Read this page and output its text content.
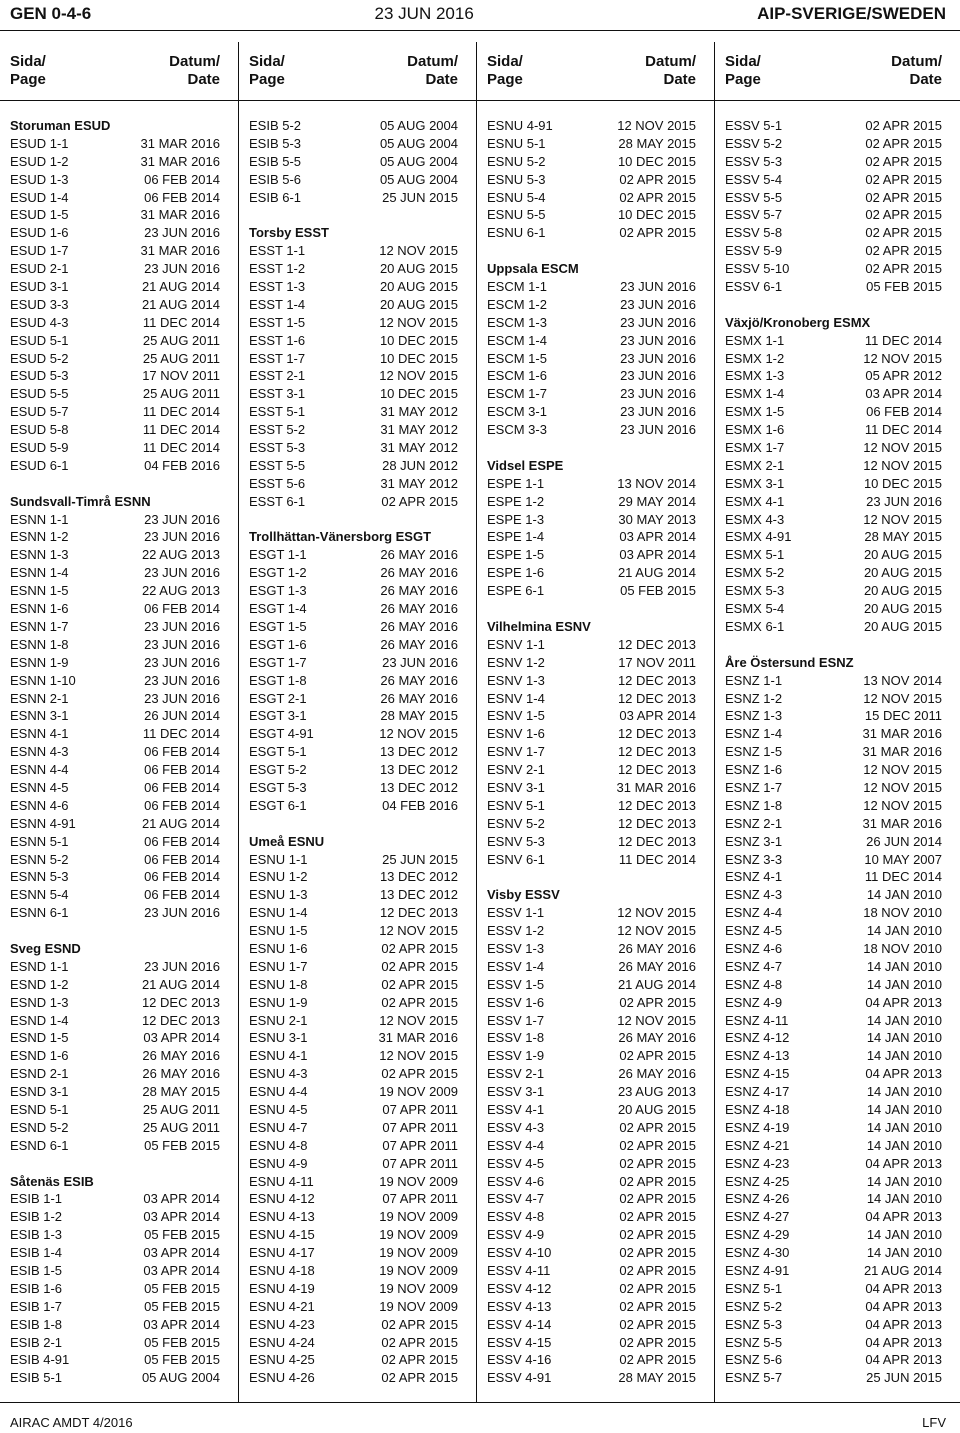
GEN 0-4-6	23 JUN 2016	AIP-SVERIGE/SWEDEN
Sida/
Page
Datum/
Date
Storuman ESUD
ESUD 1-1	31 MAR 2016
ESUD 1-2	31 MAR 2016
ESUD 1-3	06 FEB 2014
ESUD 1-4	06 FEB 2014
ESUD 1-5	31 MAR 2016
ESUD 1-6	23 JUN 2016
ESUD 1-7	31 MAR 2016
ESUD 2-1	23 JUN 2016
ESUD 3-1	21 AUG 2014
ESUD 3-3	21 AUG 2014
ESUD 4-3	11 DEC 2014
ESUD 5-1	25 AUG 2011
ESUD 5-2	25 AUG 2011
ESUD 5-3	17 NOV 2011
ESUD 5-5	25 AUG 2011
ESUD 5-7	11 DEC 2014
ESUD 5-8	11 DEC 2014
ESUD 5-9	11 DEC 2014
ESUD 6-1	04 FEB 2016
Sundsvall-Timrå ESNN
ESNN 1-1	23 JUN 2016
ESNN 1-2	23 JUN 2016
ESNN 1-3	22 AUG 2013
ESNN 1-4	23 JUN 2016
ESNN 1-5	22 AUG 2013
ESNN 1-6	06 FEB 2014
ESNN 1-7	23 JUN 2016
ESNN 1-8	23 JUN 2016
ESNN 1-9	23 JUN 2016
ESNN 1-10	23 JUN 2016
ESNN 2-1	23 JUN 2016
ESNN 3-1	26 JUN 2014
ESNN 4-1	11 DEC 2014
ESNN 4-3	06 FEB 2014
ESNN 4-4	06 FEB 2014
ESNN 4-5	06 FEB 2014
ESNN 4-6	06 FEB 2014
ESNN 4-91	21 AUG 2014
ESNN 5-1	06 FEB 2014
ESNN 5-2	06 FEB 2014
ESNN 5-3	06 FEB 2014
ESNN 5-4	06 FEB 2014
ESNN 6-1	23 JUN 2016
Sveg ESND
ESND 1-1	23 JUN 2016
ESND 1-2	21 AUG 2014
ESND 1-3	12 DEC 2013
ESND 1-4	12 DEC 2013
ESND 1-5	03 APR 2014
ESND 1-6	26 MAY 2016
ESND 2-1	26 MAY 2016
ESND 3-1	28 MAY 2015
ESND 5-1	25 AUG 2011
ESND 5-2	25 AUG 2011
ESND 6-1	05 FEB 2015
Såtenäs ESIB
ESIB 1-1	03 APR 2014
ESIB 1-2	03 APR 2014
ESIB 1-3	05 FEB 2015
ESIB 1-4	03 APR 2014
ESIB 1-5	03 APR 2014
ESIB 1-6	05 FEB 2015
ESIB 1-7	05 FEB 2015
ESIB 1-8	03 APR 2014
ESIB 2-1	05 FEB 2015
ESIB 4-91	05 FEB 2015
ESIB 5-1	05 AUG 2004
Sida/
Page
Datum/
Date
ESIB 5-2	05 AUG 2004
ESIB 5-3	05 AUG 2004
ESIB 5-5	05 AUG 2004
ESIB 5-6	05 AUG 2004
ESIB 6-1	25 JUN 2015
Torsby ESST
ESST 1-1	12 NOV 2015
ESST 1-2	20 AUG 2015
ESST 1-3	20 AUG 2015
ESST 1-4	20 AUG 2015
ESST 1-5	12 NOV 2015
ESST 1-6	10 DEC 2015
ESST 1-7	10 DEC 2015
ESST 2-1	12 NOV 2015
ESST 3-1	10 DEC 2015
ESST 5-1	31 MAY 2012
ESST 5-2	31 MAY 2012
ESST 5-3	31 MAY 2012
ESST 5-5	28 JUN 2012
ESST 5-6	31 MAY 2012
ESST 6-1	02 APR 2015
Trollhättan-Vänersborg ESGT
ESGT 1-1	26 MAY 2016
ESGT 1-2	26 MAY 2016
ESGT 1-3	26 MAY 2016
ESGT 1-4	26 MAY 2016
ESGT 1-5	26 MAY 2016
ESGT 1-6	26 MAY 2016
ESGT 1-7	23 JUN 2016
ESGT 1-8	26 MAY 2016
ESGT 2-1	26 MAY 2016
ESGT 3-1	28 MAY 2015
ESGT 4-91	12 NOV 2015
ESGT 5-1	13 DEC 2012
ESGT 5-2	13 DEC 2012
ESGT 5-3	13 DEC 2012
ESGT 6-1	04 FEB 2016
Umeå ESNU
ESNU 1-1	25 JUN 2015
ESNU 1-2	13 DEC 2012
ESNU 1-3	13 DEC 2012
ESNU 1-4	12 DEC 2013
ESNU 1-5	12 NOV 2015
ESNU 1-6	02 APR 2015
ESNU 1-7	02 APR 2015
ESNU 1-8	02 APR 2015
ESNU 1-9	02 APR 2015
ESNU 2-1	12 NOV 2015
ESNU 3-1	31 MAR 2016
ESNU 4-1	12 NOV 2015
ESNU 4-3	02 APR 2015
ESNU 4-4	19 NOV 2009
ESNU 4-5	07 APR 2011
ESNU 4-7	07 APR 2011
ESNU 4-8	07 APR 2011
ESNU 4-9	07 APR 2011
ESNU 4-11	19 NOV 2009
ESNU 4-12	07 APR 2011
ESNU 4-13	19 NOV 2009
ESNU 4-15	19 NOV 2009
ESNU 4-17	19 NOV 2009
ESNU 4-18	19 NOV 2009
ESNU 4-19	19 NOV 2009
ESNU 4-21	19 NOV 2009
ESNU 4-23	02 APR 2015
ESNU 4-24	02 APR 2015
ESNU 4-25	02 APR 2015
ESNU 4-26	02 APR 2015
Sida/
Page
Datum/
Date
ESNU 4-91	12 NOV 2015
ESNU 5-1	28 MAY 2015
ESNU 5-2	10 DEC 2015
ESNU 5-3	02 APR 2015
ESNU 5-4	02 APR 2015
ESNU 5-5	10 DEC 2015
ESNU 6-1	02 APR 2015
Uppsala ESCM
ESCM 1-1	23 JUN 2016
ESCM 1-2	23 JUN 2016
ESCM 1-3	23 JUN 2016
ESCM 1-4	23 JUN 2016
ESCM 1-5	23 JUN 2016
ESCM 1-6	23 JUN 2016
ESCM 1-7	23 JUN 2016
ESCM 3-1	23 JUN 2016
ESCM 3-3	23 JUN 2016
Vidsel ESPE
ESPE 1-1	13 NOV 2014
ESPE 1-2	29 MAY 2014
ESPE 1-3	30 MAY 2013
ESPE 1-4	03 APR 2014
ESPE 1-5	03 APR 2014
ESPE 1-6	21 AUG 2014
ESPE 6-1	05 FEB 2015
Vilhelmina ESNV
ESNV 1-1	12 DEC 2013
ESNV 1-2	17 NOV 2011
ESNV 1-3	12 DEC 2013
ESNV 1-4	12 DEC 2013
ESNV 1-5	03 APR 2014
ESNV 1-6	12 DEC 2013
ESNV 1-7	12 DEC 2013
ESNV 2-1	12 DEC 2013
ESNV 3-1	31 MAR 2016
ESNV 5-1	12 DEC 2013
ESNV 5-2	12 DEC 2013
ESNV 5-3	12 DEC 2013
ESNV 6-1	11 DEC 2014
Visby ESSV
ESSV 1-1	12 NOV 2015
ESSV 1-2	12 NOV 2015
ESSV 1-3	26 MAY 2016
ESSV 1-4	26 MAY 2016
ESSV 1-5	21 AUG 2014
ESSV 1-6	02 APR 2015
ESSV 1-7	12 NOV 2015
ESSV 1-8	26 MAY 2016
ESSV 1-9	02 APR 2015
ESSV 2-1	26 MAY 2016
ESSV 3-1	23 AUG 2013
ESSV 4-1	20 AUG 2015
ESSV 4-3	02 APR 2015
ESSV 4-4	02 APR 2015
ESSV 4-5	02 APR 2015
ESSV 4-6	02 APR 2015
ESSV 4-7	02 APR 2015
ESSV 4-8	02 APR 2015
ESSV 4-9	02 APR 2015
ESSV 4-10	02 APR 2015
ESSV 4-11	02 APR 2015
ESSV 4-12	02 APR 2015
ESSV 4-13	02 APR 2015
ESSV 4-14	02 APR 2015
ESSV 4-15	02 APR 2015
ESSV 4-16	02 APR 2015
ESSV 4-91	28 MAY 2015
Sida/
Page
Datum/
Date
ESSV 5-1	02 APR 2015
ESSV 5-2	02 APR 2015
ESSV 5-3	02 APR 2015
ESSV 5-4	02 APR 2015
ESSV 5-5	02 APR 2015
ESSV 5-7	02 APR 2015
ESSV 5-8	02 APR 2015
ESSV 5-9	02 APR 2015
ESSV 5-10	02 APR 2015
ESSV 6-1	05 FEB 2015
Växjö/Kronoberg ESMX
ESMX 1-1	11 DEC 2014
ESMX 1-2	12 NOV 2015
ESMX 1-3	05 APR 2012
ESMX 1-4	03 APR 2014
ESMX 1-5	06 FEB 2014
ESMX 1-6	11 DEC 2014
ESMX 1-7	12 NOV 2015
ESMX 2-1	12 NOV 2015
ESMX 3-1	10 DEC 2015
ESMX 4-1	23 JUN 2016
ESMX 4-3	12 NOV 2015
ESMX 4-91	28 MAY 2015
ESMX 5-1	20 AUG 2015
ESMX 5-2	20 AUG 2015
ESMX 5-3	20 AUG 2015
ESMX 5-4	20 AUG 2015
ESMX 6-1	20 AUG 2015
Åre Östersund ESNZ
ESNZ 1-1	13 NOV 2014
ESNZ 1-2	12 NOV 2015
ESNZ 1-3	15 DEC 2011
ESNZ 1-4	31 MAR 2016
ESNZ 1-5	31 MAR 2016
ESNZ 1-6	12 NOV 2015
ESNZ 1-7	12 NOV 2015
ESNZ 1-8	12 NOV 2015
ESNZ 2-1	31 MAR 2016
ESNZ 3-1	26 JUN 2014
ESNZ 3-3	10 MAY 2007
ESNZ 4-1	11 DEC 2014
ESNZ 4-3	14 JAN 2010
ESNZ 4-4	18 NOV 2010
ESNZ 4-5	14 JAN 2010
ESNZ 4-6	18 NOV 2010
ESNZ 4-7	14 JAN 2010
ESNZ 4-8	14 JAN 2010
ESNZ 4-9	04 APR 2013
ESNZ 4-11	14 JAN 2010
ESNZ 4-12	14 JAN 2010
ESNZ 4-13	14 JAN 2010
ESNZ 4-15	04 APR 2013
ESNZ 4-17	14 JAN 2010
ESNZ 4-18	14 JAN 2010
ESNZ 4-19	14 JAN 2010
ESNZ 4-21	14 JAN 2010
ESNZ 4-23	04 APR 2013
ESNZ 4-25	14 JAN 2010
ESNZ 4-26	14 JAN 2010
ESNZ 4-27	04 APR 2013
ESNZ 4-29	14 JAN 2010
ESNZ 4-30	14 JAN 2010
ESNZ 4-91	21 AUG 2014
ESNZ 5-1	04 APR 2013
ESNZ 5-2	04 APR 2013
ESNZ 5-3	04 APR 2013
ESNZ 5-5	04 APR 2013
ESNZ 5-6	04 APR 2013
ESNZ 5-7	25 JUN 2015
AIRAC AMDT 4/2016	LFV
